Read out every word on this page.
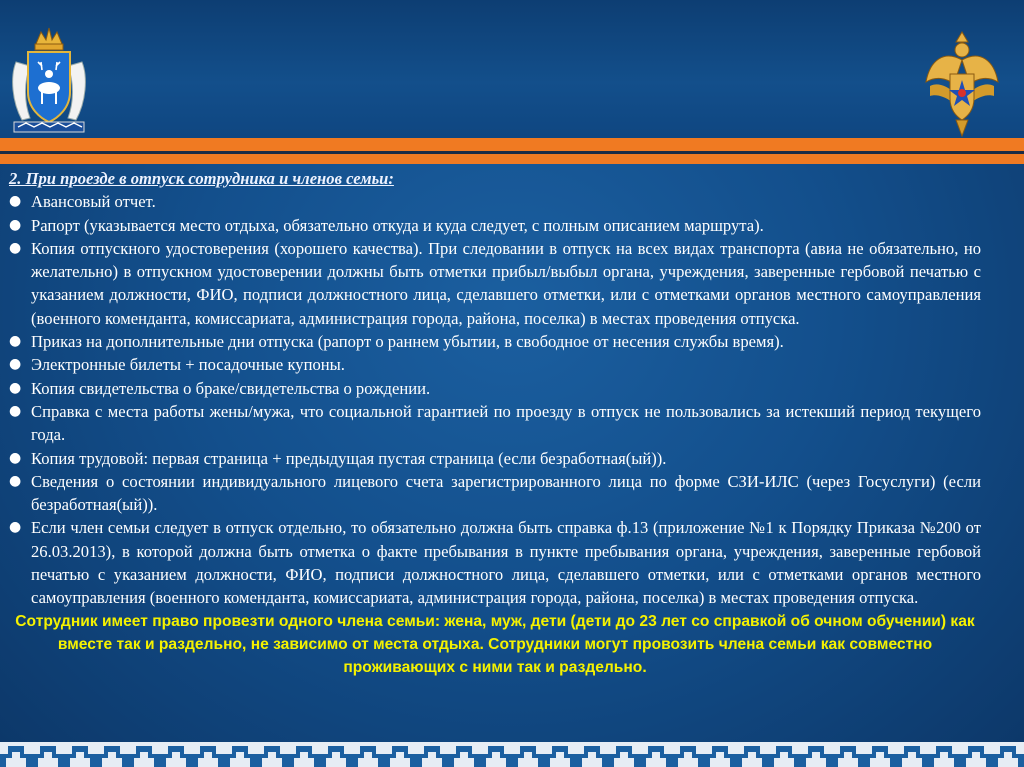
2. При проезде в отпуск сотрудника и членов семьи:
● Авансовый отчет.
● Рапорт (указывается место отдыха, обязательно откуда и куда следует, с полным описанием маршрута).
● Копия отпускного удостоверения (хорошего качества). При следовании в отпуск на всех видах транспорта (авиа не обязательно, но желательно) в отпускном удостоверении должны быть отметки прибыл/выбыл органа, учреждения, заверенные гербовой печатью с указанием должности, ФИО, подписи должностного лица, сделавшего отметки, или с отметками органов местного самоуправления (военного коменданта, комиссариата, администрация города, района, поселка) в местах проведения отпуска.
● Приказ на дополнительные дни отпуска (рапорт о раннем убытии, в свободное от несения службы время).
● Электронные билеты + посадочные купоны.
● Копия свидетельства о браке/свидетельства о рождении.
● Справка с места работы жены/мужа, что социальной гарантией по проезду в отпуск не пользовались за истекший период текущего года.
● Копия трудовой: первая страница + предыдущая пустая страница (если безработная(ый)).
● Сведения о состоянии индивидуального лицевого счета зарегистрированного лица по форме СЗИ-ИЛС (через Госуслуги) (если безработная(ый)).
● Если член семьи следует в отпуск отдельно, то обязательно должна быть справка ф.13 (приложение №1 к Порядку Приказа №200 от 26.03.2013), в которой должна быть отметка о факте пребывания в пункте пребывания органа, учреждения, заверенные гербовой печатью с указанием должности, ФИО, подписи должностного лица, сделавшего отметки, или с отметками органов местного самоуправления (военного коменданта, комиссариата, администрация города, района, поселка) в местах проведения отпуска.
Сотрудник имеет право провезти одного члена семьи: жена, муж, дети (дети до 23 лет со справкой об очном обучении) как вместе так и раздельно, не зависимо от места отдыха. Сотрудники могут провозить члена семьи как совместно проживающих с ними так и раздельно.
